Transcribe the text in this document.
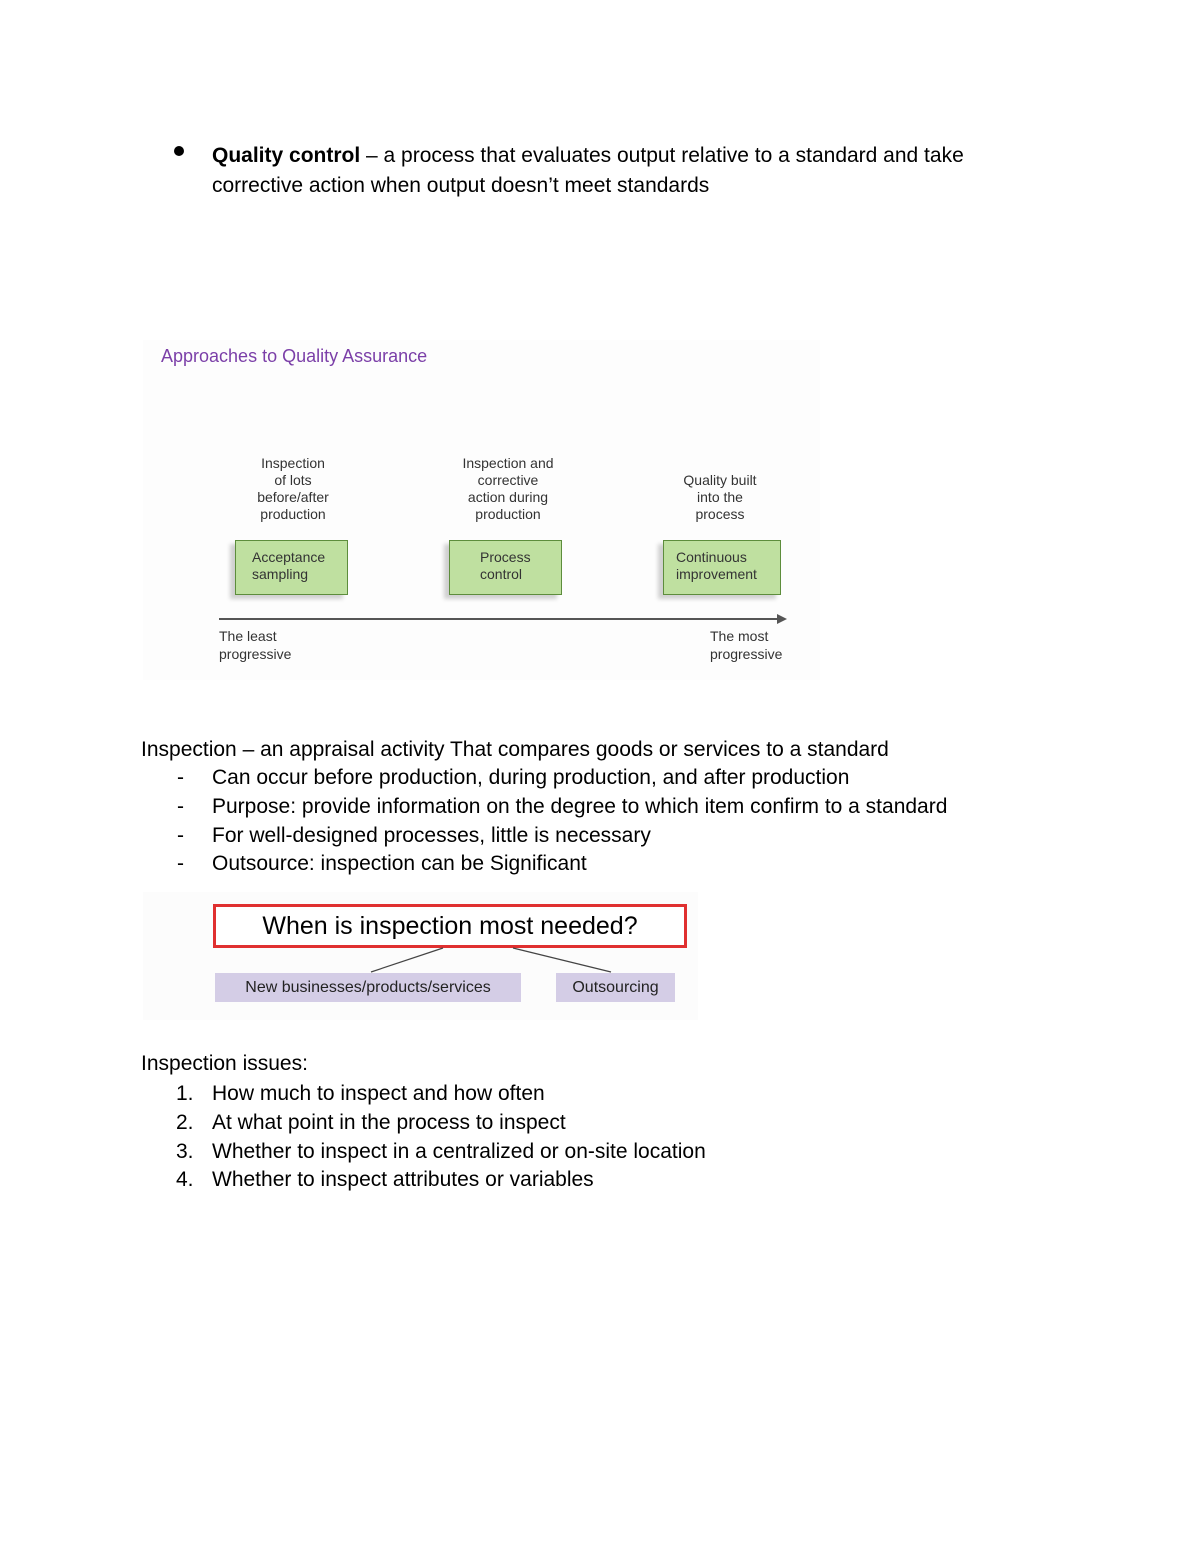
Quality control – a process that evaluates output relative to a standard and take
corrective action when output doesn’t meet standards
Approaches to Quality Assurance
Inspection
of lots
before/after
production
Inspection and
corrective
action during
production
Quality built
into the
process
Acceptance
sampling
Process
control
Continuous
improvement
The least
progressive
The most
progressive
Inspection – an appraisal activity That compares goods or services to a standard
- Can occur before production, during production, and after production
- Purpose: provide information on the degree to which item confirm to a standard
- For well-designed processes, little is necessary
- Outsource: inspection can be Significant
When is inspection most needed?
New businesses/products/services	Outsourcing
Inspection issues:
1. How much to inspect and how often
2. At what point in the process to inspect
3. Whether to inspect in a centralized or on-site location
4. Whether to inspect attributes or variables
